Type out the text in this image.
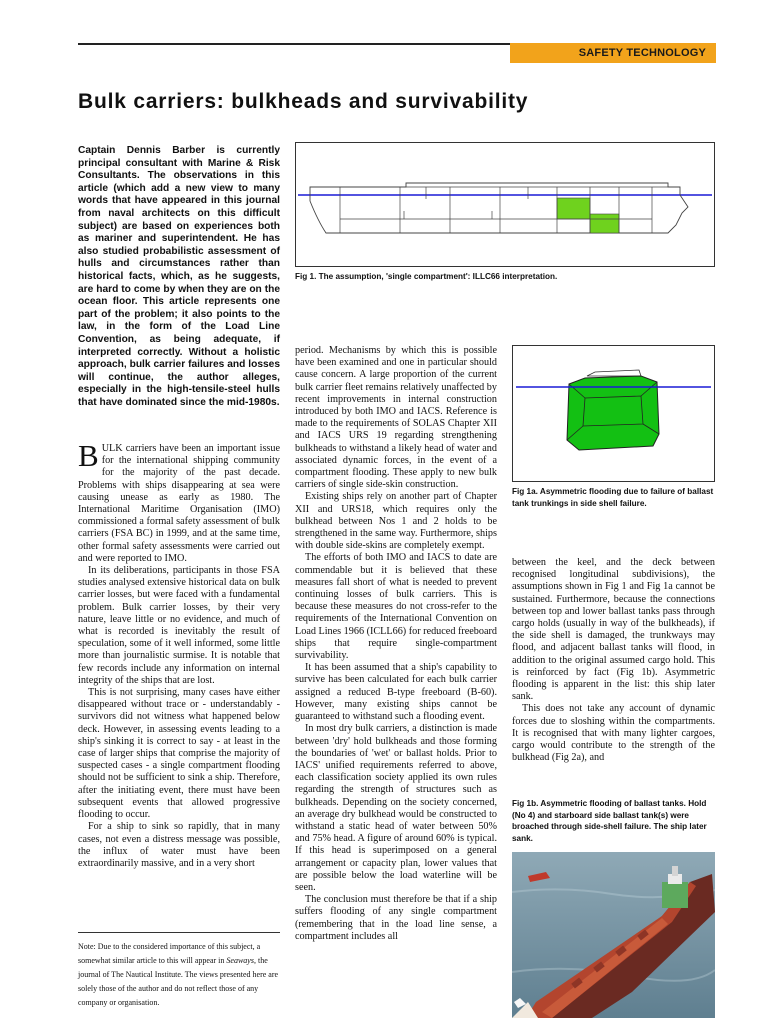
SAFETY TECHNOLOGY
Bulk carriers: bulkheads and survivability
Captain Dennis Barber is currently principal consultant with Marine & Risk Consultants. The observations in this article (which add a new view to many words that have appeared in this journal from naval architects on this difficult subject) are based on experiences both as mariner and superintendent. He has also studied probabilistic assessment of hulls and circumstances rather than historical facts, which, as he suggests, are hard to come by when they are on the ocean floor. This article represents one part of the problem; it also points to the law, in the form of the Load Line Convention, as being adequate, if interpreted correctly. Without a holistic approach, bulk carrier failures and losses will continue, the author alleges, especially in the high-tensile-steel hulls that have dominated since the mid-1980s.

BULK carriers have been an important issue for the international shipping community for the majority of the past decade. Problems with ships disappearing at sea were causing unease as early as 1980. The International Maritime Organisation (IMO) commissioned a formal safety assessment of bulk carriers (FSA BC) in 1999, and at the same time, other formal safety assessments were carried out and were reported to IMO.

In its deliberations, participants in those FSA studies analysed extensive historical data on bulk carrier losses, but were faced with a fundamental problem. Bulk carrier losses, by their very nature, leave little or no evidence, and much of what is recorded is inevitably the result of speculation, some of it well informed, some little more than journalistic surmise. It is notable that few records include any information on internal integrity of the ships that are lost.

This is not surprising, many cases have either disappeared without trace or - understandably - survivors did not witness what happened below deck. However, in assessing events leading to a ship's sinking it is correct to say - at least in the case of larger ships that comprise the majority of suspected cases - a single compartment flooding should not be sufficient to sink a ship. Therefore, after the initiating event, there must have been subsequent events that allowed progressive flooding to occur.

For a ship to sink so rapidly, that in many cases, not even a distress message was possible, the influx of water must have been extraordinarily massive, and in a very short

Note: Due to the considered importance of this subject, a somewhat similar article to this will appear in Seaways, the journal of The Nautical Institute. The views presented here are solely those of the author and do not reflect those of any company or organisation.
Fig 1. The assumption, 'single compartment': ILLC66 interpretation.

period. Mechanisms by which this is possible have been examined and one in particular should cause concern. A large proportion of the current bulk carrier fleet remains relatively unaffected by recent improvements in internal construction introduced by both IMO and IACS. Reference is made to the requirements of SOLAS Chapter XII and IACS URS 19 regarding strengthening bulkheads to withstand a likely head of water and associated dynamic forces, in the event of a compartment flooding. These apply to new bulk carriers of single side-skin construction.

Existing ships rely on another part of Chapter XII and URS18, which requires only the bulkhead between Nos 1 and 2 holds to be strengthened in the same way. Furthermore, ships with double side-skins are completely exempt.

The efforts of both IMO and IACS to date are commendable but it is believed that these measures fall short of what is needed to prevent continuing losses of bulk carriers. This is because these measures do not cross-refer to the requirements of the International Convention on Load Lines 1966 (ICLL66) for reduced freeboard ships that require single-compartment survivability.

It has been assumed that a ship's capability to survive has been calculated for each bulk carrier assigned a reduced B-type freeboard (B-60). However, many existing ships cannot be guaranteed to withstand such a flooding event.

In most dry bulk carriers, a distinction is made between 'dry' hold bulkheads and those forming the boundaries of 'wet' or ballast holds. Prior to IACS' unified requirements referred to above, each classification society applied its own rules regarding the strength of structures such as bulkheads. Depending on the society concerned, an average dry bulkhead would be constructed to withstand a static head of water between 50% and 75% head. A figure of around 60% is typical. If this head is superimposed on a general arrangement or capacity plan, lower values that are possible below the load waterline will be seen.

The conclusion must therefore be that if a ship suffers flooding of any single compartment (remembering that in the load line sense, a compartment includes all

Fig 1a. Asymmetric flooding due to failure of ballast tank trunkings in side shell failure.

between the keel, and the deck between recognised longitudinal subdivisions), the assumptions shown in Fig 1 and Fig 1a cannot be sustained. Furthermore, because the connections between top and lower ballast tanks pass through cargo holds (usually in way of the bulkheads), if the side shell is damaged, the trunkways may flood, and adjacent ballast tanks will flood, in addition to the original assumed cargo hold. This is reinforced by fact (Fig 1b). Asymmetric flooding is apparent in the list: this ship later sank.

This does not take any account of dynamic forces due to sloshing within the compartments. It is recognised that with many lighter cargoes, cargo would contribute to the strength of the bulkhead (Fig 2a), and

Fig 1b. Asymmetric flooding of ballast tanks. Hold (No 4) and starboard side ballast tank(s) were broached through side-shell failure. The ship later sank.
